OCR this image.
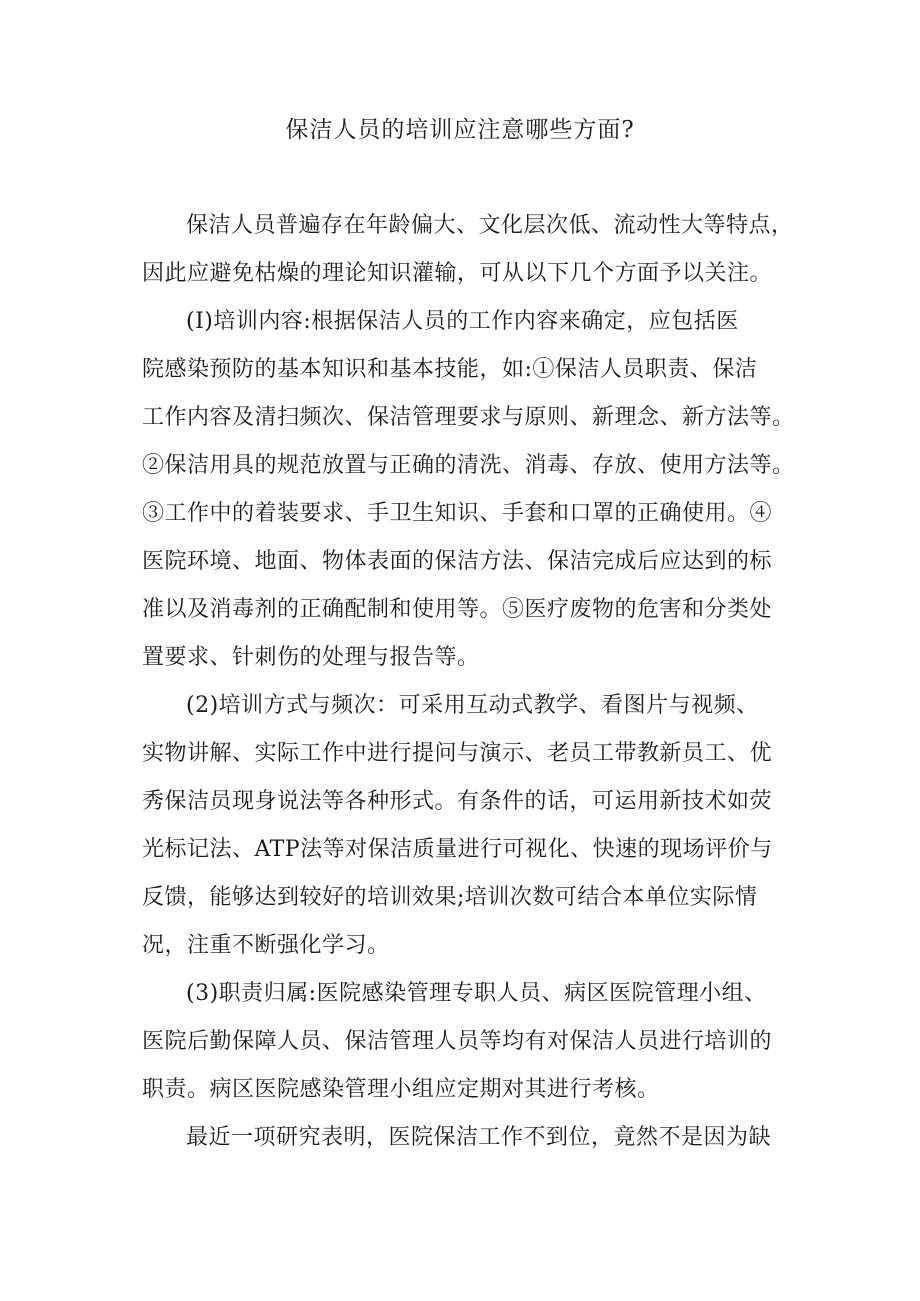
保洁人员的培训应注意哪些方面?
保洁人员普遍存在年龄偏大、文化层次低、流动性大等特点，
因此应避免枯燥的理论知识灌输，可从以下几个方面予以关注。
(I)培训内容:根据保洁人员的工作内容来确定，应包括医
院感染预防的基本知识和基本技能，如:①保洁人员职责、保洁
工作内容及清扫频次、保洁管理要求与原则、新理念、新方法等。
②保洁用具的规范放置与正确的清洗、消毒、存放、使用方法等。
③工作中的着装要求、手卫生知识、手套和口罩的正确使用。④
医院环境、地面、物体表面的保洁方法、保洁完成后应达到的标
准以及消毒剂的正确配制和使用等。⑤医疗废物的危害和分类处
置要求、针刺伤的处理与报告等。
(2)培训方式与频次：可采用互动式教学、看图片与视频、
实物讲解、实际工作中进行提问与演示、老员工带教新员工、优
秀保洁员现身说法等各种形式。有条件的话，可运用新技术如荧
光标记法、ATP法等对保洁质量进行可视化、快速的现场评价与
反馈，能够达到较好的培训效果;培训次数可结合本单位实际情
况，注重不断强化学习。
(3)职责归属:医院感染管理专职人员、病区医院管理小组、
医院后勤保障人员、保洁管理人员等均有对保洁人员进行培训的
职责。病区医院感染管理小组应定期对其进行考核。
最近一项研究表明，医院保洁工作不到位，竟然不是因为缺
